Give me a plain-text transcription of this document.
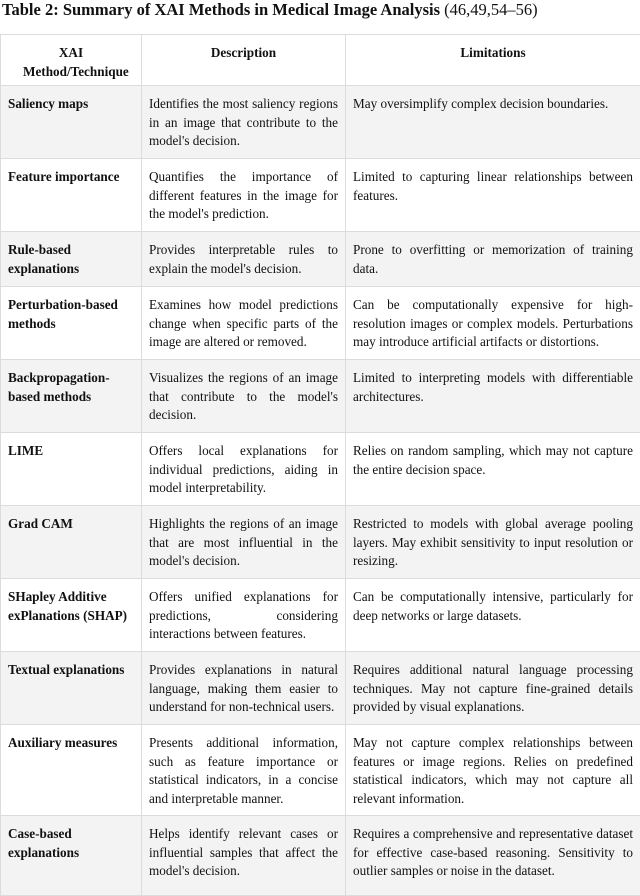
Table 2: Summary of XAI Methods in Medical Image Analysis (46,49,54–56)
XAI Method/Technique	Description	Limitations
Saliency maps	Identifies the most saliency regions in an image that contribute to the model's decision.	May oversimplify complex decision boundaries.
Feature importance	Quantifies the importance of different features in the image for the model's prediction.	Limited to capturing linear relationships between features.
Rule-based explanations	Provides interpretable rules to explain the model's decision.	Prone to overfitting or memorization of training data.
Perturbation-based methods	Examines how model predictions change when specific parts of the image are altered or removed.	Can be computationally expensive for high-resolution images or complex models. Perturbations may introduce artificial artifacts or distortions.
Backpropagation-based methods	Visualizes the regions of an image that contribute to the model's decision.	Limited to interpreting models with differentiable architectures.
LIME	Offers local explanations for individual predictions, aiding in model interpretability.	Relies on random sampling, which may not capture the entire decision space.
Grad CAM	Highlights the regions of an image that are most influential in the model's decision.	Restricted to models with global average pooling layers. May exhibit sensitivity to input resolution or resizing.
SHapley Additive exPlanations (SHAP)	Offers unified explanations for predictions, considering interactions between features.	Can be computationally intensive, particularly for deep networks or large datasets.
Textual explanations	Provides explanations in natural language, making them easier to understand for non-technical users.	Requires additional natural language processing techniques. May not capture fine-grained details provided by visual explanations.
Auxiliary measures	Presents additional information, such as feature importance or statistical indicators, in a concise and interpretable manner.	May not capture complex relationships between features or image regions. Relies on predefined statistical indicators, which may not capture all relevant information.
Case-based explanations	Helps identify relevant cases or influential samples that affect the model's decision.	Requires a comprehensive and representative dataset for effective case-based reasoning. Sensitivity to outlier samples or noise in the dataset.
